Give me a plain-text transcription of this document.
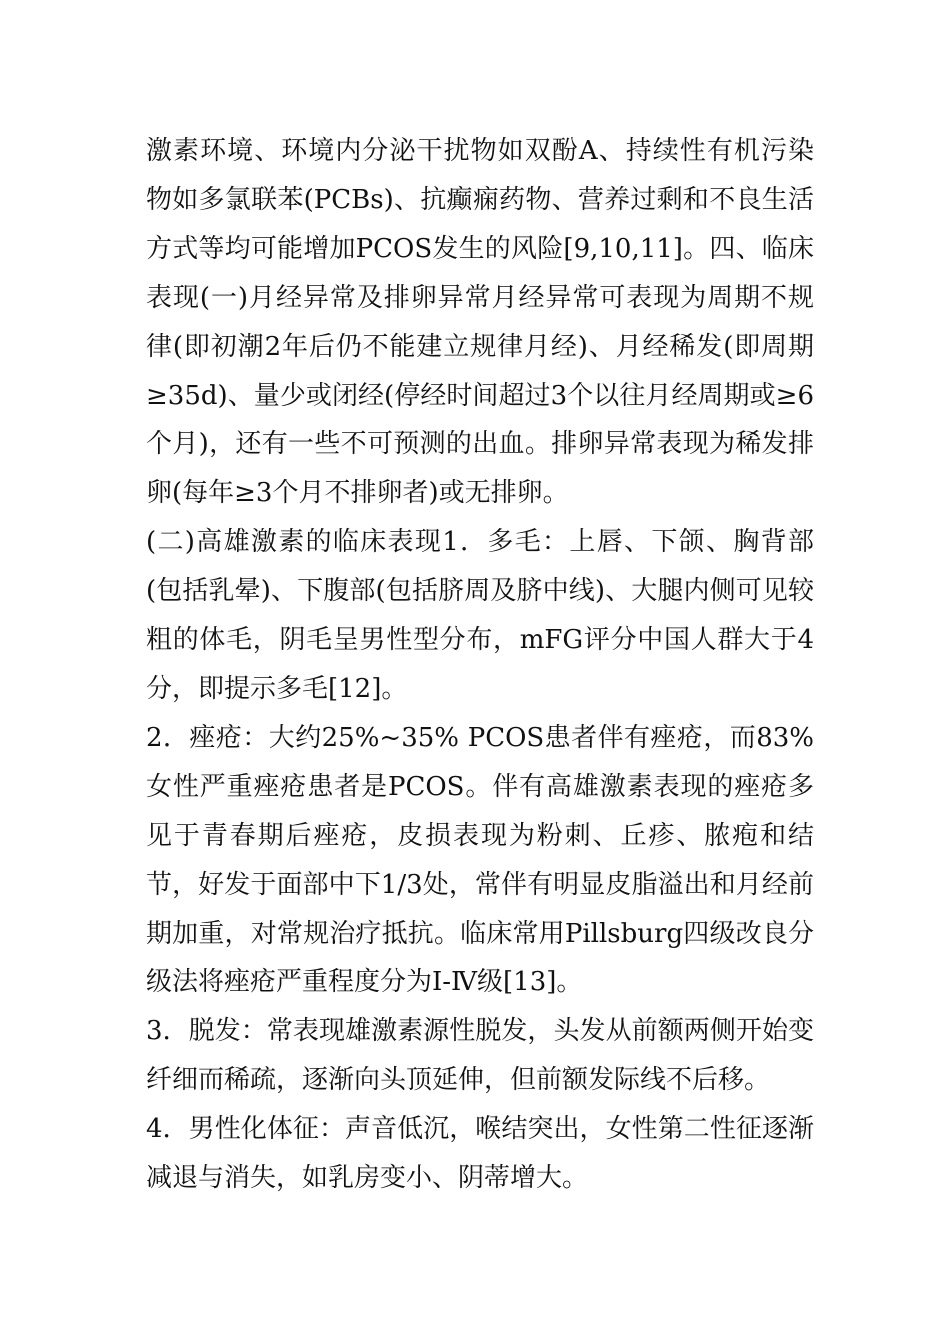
激素环境、环境内分泌干扰物如双酚A、持续性有机污染物如多氯联苯(PCBs)、抗癫痫药物、营养过剩和不良生活方式等均可能增加PCOS发生的风险[9,10,11]。四、临床表现(一)月经异常及排卵异常月经异常可表现为周期不规律(即初潮2年后仍不能建立规律月经)、月经稀发(即周期≥35d)、量少或闭经(停经时间超过3个以往月经周期或≥6个月)，还有一些不可预测的出血。排卵异常表现为稀发排卵(每年≥3个月不排卵者)或无排卵。

(二)高雄激素的临床表现1．多毛：上唇、下颌、胸背部(包括乳晕)、下腹部(包括脐周及脐中线)、大腿内侧可见较粗的体毛，阴毛呈男性型分布，mFG评分中国人群大于4分，即提示多毛[12]。

2．痤疮：大约25%~35% PCOS患者伴有痤疮，而83%女性严重痤疮患者是PCOS。伴有高雄激素表现的痤疮多见于青春期后痤疮，皮损表现为粉刺、丘疹、脓疱和结节，好发于面部中下1/3处，常伴有明显皮脂溢出和月经前期加重，对常规治疗抵抗。临床常用Pillsburg四级改良分级法将痤疮严重程度分为Ⅰ-Ⅳ级[13]。

3．脱发：常表现雄激素源性脱发，头发从前额两侧开始变纤细而稀疏，逐渐向头顶延伸，但前额发际线不后移。

4．男性化体征：声音低沉，喉结突出，女性第二性征逐渐减退与消失，如乳房变小、阴蒂增大。
